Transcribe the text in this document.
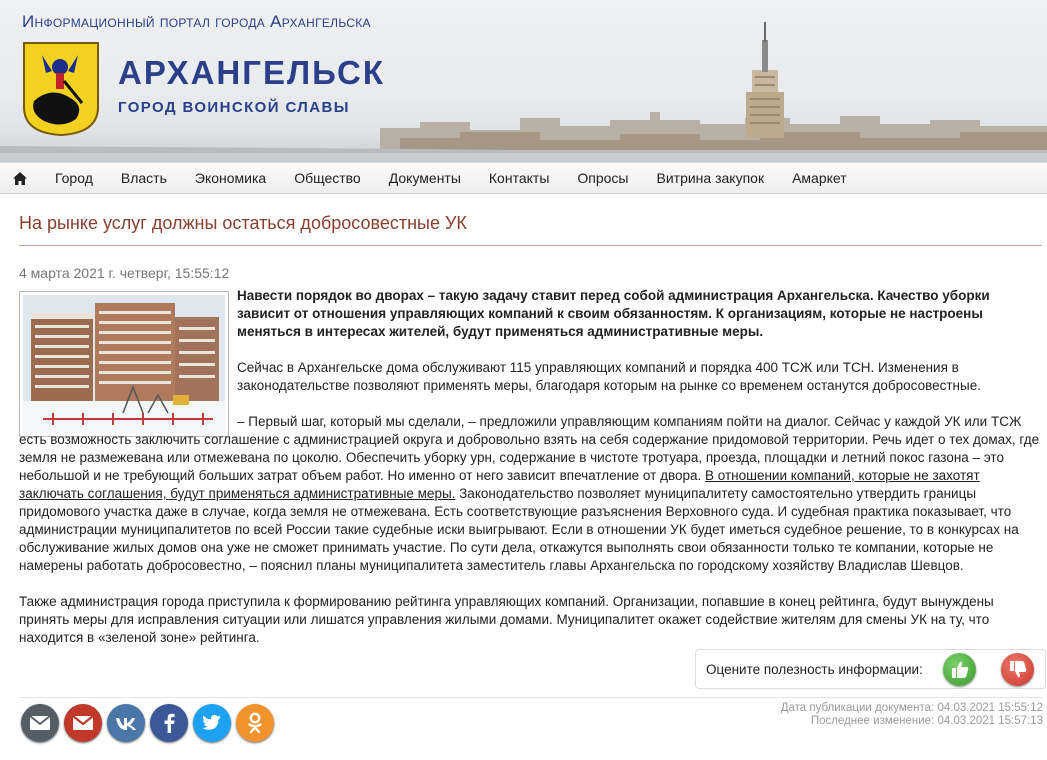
Информационный портал города Архангельска
АРХАНГЕЛЬСК
ГОРОД ВОИНСКОЙ СЛАВЫ
Город	Власть	Экономика	Общество	Документы	Контакты	Опросы	Витрина закупок	Амаркет
На рынке услуг должны остаться добросовестные УК
4 марта 2021 г. четверг, 15:55:12

Навести порядок во дворах – такую задачу ставит перед собой администрация Архангельска. Качество уборки зависит от отношения управляющих компаний к своим обязанностям. К организациям, которые не настроены меняться в интересах жителей, будут применяться административные меры.

Сейчас в Архангельске дома обслуживают 115 управляющих компаний и порядка 400 ТСЖ или ТСН. Изменения в законодательстве позволяют применять меры, благодаря которым на рынке со временем останутся добросовестные.

– Первый шаг, который мы сделали, – предложили управляющим компаниям пойти на диалог. Сейчас у каждой УК или ТСЖ есть возможность заключить соглашение с администрацией округа и добровольно взять на себя содержание придомовой территории. Речь идет о тех домах, где земля не размежевана или отмежевана по цоколю. Обеспечить уборку урн, содержание в чистоте тротуара, проезда, площадки и летний покос газона – это небольшой и не требующий больших затрат объем работ. Но именно от него зависит впечатление от двора. В отношении компаний, которые не захотят заключать соглашения, будут применяться административные меры. Законодательство позволяет муниципалитету самостоятельно утвердить границы придомового участка даже в случае, когда земля не отмежевана. Есть соответствующие разъяснения Верховного суда. И судебная практика показывает, что администрации муниципалитетов по всей России такие судебные иски выигрывают. Если в отношении УК будет иметься судебное решение, то в конкурсах на обслуживание жилых домов она уже не сможет принимать участие. По сути дела, откажутся выполнять свои обязанности только те компании, которые не намерены работать добросовестно, – пояснил планы муниципалитета заместитель главы Архангельска по городскому хозяйству Владислав Шевцов.

Также администрация города приступила к формированию рейтинга управляющих компаний. Организации, попавшие в конец рейтинга, будут вынуждены принять меры для исправления ситуации или лишатся управления жилыми домами. Муниципалитет окажет содействие жителям для смены УК на ту, что находится в «зеленой зоне» рейтинга.

Оцените полезность информации:
Дата публикации документа: 04.03.2021 15:55:12
Последнее изменение: 04.03.2021 15:57:13
